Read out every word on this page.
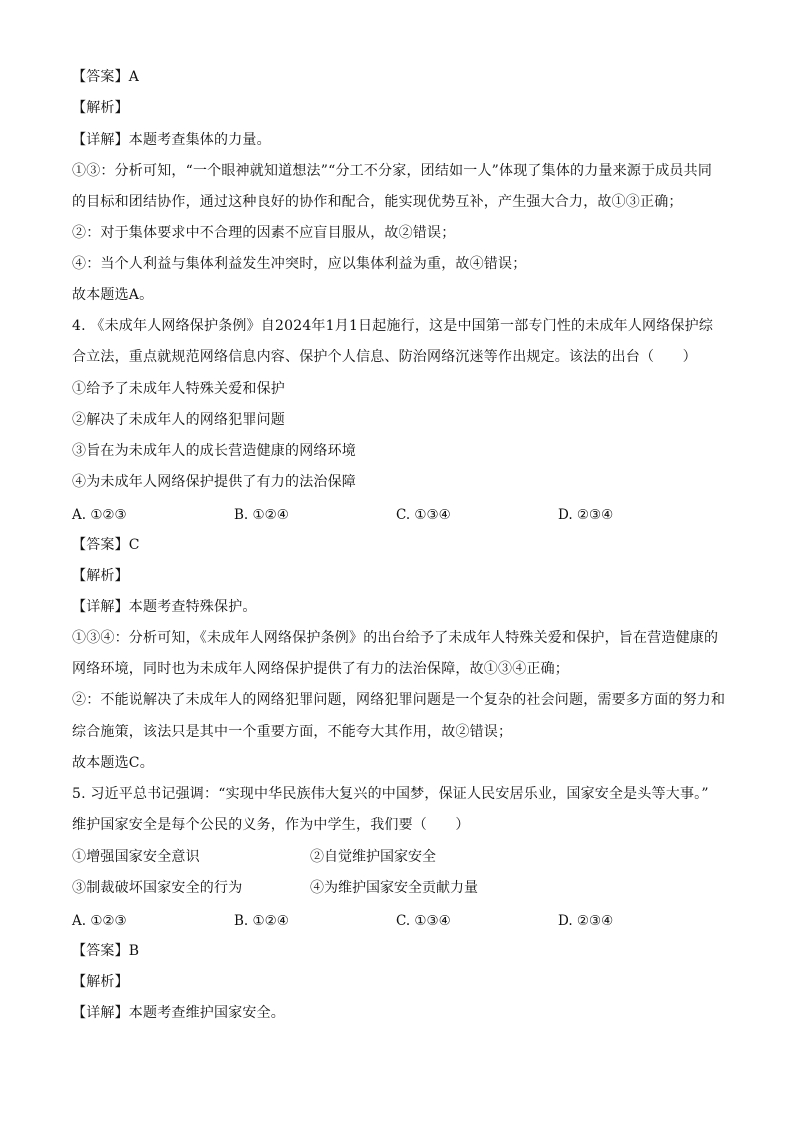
【答案】A
【解析】
【详解】本题考查集体的力量。
①③：分析可知，“一个眼神就知道想法”“分工不分家，团结如一人”体现了集体的力量来源于成员共同
的目标和团结协作，通过这种良好的协作和配合，能实现优势互补，产生强大合力，故①③正确；
②：对于集体要求中不合理的因素不应盲目服从，故②错误；
④：当个人利益与集体利益发生冲突时，应以集体利益为重，故④错误；
故本题选A。
4. 《未成年人网络保护条例》自2024年1月1日起施行，这是中国第一部专门性的未成年人网络保护综
合立法，重点就规范网络信息内容、保护个人信息、防治网络沉迷等作出规定。该法的出台（　　）
①给予了未成年人特殊关爱和保护
②解决了未成年人的网络犯罪问题
③旨在为未成年人的成长营造健康的网络环境
④为未成年人网络保护提供了有力的法治保障
A. ①②③	B. ①②④	C. ①③④	D. ②③④
【答案】C
【解析】
【详解】本题考查特殊保护。
①③④：分析可知，《未成年人网络保护条例》的出台给予了未成年人特殊关爱和保护，旨在营造健康的
网络环境，同时也为未成年人网络保护提供了有力的法治保障，故①③④正确；
②：不能说解决了未成年人的网络犯罪问题，网络犯罪问题是一个复杂的社会问题，需要多方面的努力和
综合施策，该法只是其中一个重要方面，不能夸大其作用，故②错误；
故本题选C。
5. 习近平总书记强调：“实现中华民族伟大复兴的中国梦，保证人民安居乐业，国家安全是头等大事。”
维护国家安全是每个公民的义务，作为中学生，我们要（　　）
①增强国家安全意识	②自觉维护国家安全
③制裁破坏国家安全的行为	④为维护国家安全贡献力量
A. ①②③	B. ①②④	C. ①③④	D. ②③④
【答案】B
【解析】
【详解】本题考查维护国家安全。
